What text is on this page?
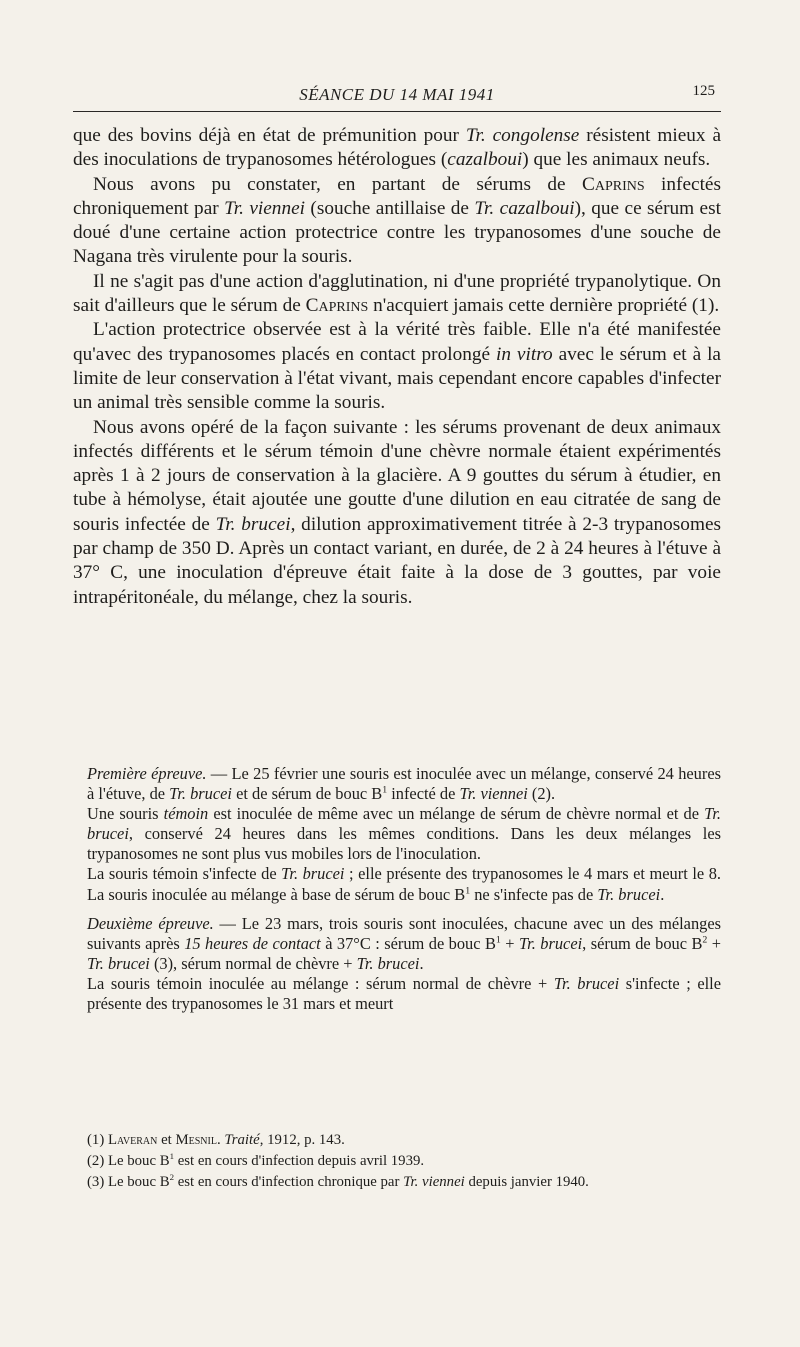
SÉANCE DU 14 MAI 1941	125

que des bovins déjà en état de prémunition pour Tr. congolense résistent mieux à des inoculations de trypanosomes hétérologues (cazalboui) que les animaux neufs.

Nous avons pu constater, en partant de sérums de Caprins infectés chroniquement par Tr. viennei (souche antillaise de Tr. cazalboui), que ce sérum est doué d'une certaine action protectrice contre les trypanosomes d'une souche de Nagana très virulente pour la souris.

Il ne s'agit pas d'une action d'agglutination, ni d'une propriété trypanolytique. On sait d'ailleurs que le sérum de Caprins n'acquiert jamais cette dernière propriété (1).

L'action protectrice observée est à la vérité très faible. Elle n'a été manifestée qu'avec des trypanosomes placés en contact prolongé in vitro avec le sérum et à la limite de leur conservation à l'état vivant, mais cependant encore capables d'infecter un animal très sensible comme la souris.

Nous avons opéré de la façon suivante : les sérums provenant de deux animaux infectés différents et le sérum témoin d'une chèvre normale étaient expérimentés après 1 à 2 jours de conservation à la glacière. A 9 gouttes du sérum à étudier, en tube à hémolyse, était ajoutée une goutte d'une dilution en eau citratée de sang de souris infectée de Tr. brucei, dilution approximativement titrée à 2-3 trypanosomes par champ de 350 D. Après un contact variant, en durée, de 2 à 24 heures à l'étuve à 37° C, une inoculation d'épreuve était faite à la dose de 3 gouttes, par voie intrapéritonéale, du mélange, chez la souris.

Première épreuve. — Le 25 février une souris est inoculée avec un mélange, conservé 24 heures à l'étuve, de Tr. brucei et de sérum de bouc $B^1$ infecté de Tr. viennei (2).

Une souris témoin est inoculée de même avec un mélange de sérum de chèvre normal et de Tr. brucei, conservé 24 heures dans les mêmes conditions. Dans les deux mélanges les trypanosomes ne sont plus vus mobiles lors de l'inoculation.

La souris témoin s'infecte de Tr. brucei ; elle présente des trypanosomes le 4 mars et meurt le 8. La souris inoculée au mélange à base de sérum de bouc $B^1$ ne s'infecte pas de Tr. brucei.

Deuxième épreuve. — Le 23 mars, trois souris sont inoculées, chacune avec un des mélanges suivants après 15 heures de contact à 37°C : sérum de bouc $B^1 + Tr$. brucei, sérum de bouc $B^2 + Tr$. brucei (3), sérum normal de chèvre + Tr. brucei.

La souris témoin inoculée au mélange : sérum normal de chèvre + Tr. brucei s'infecte ; elle présente des trypanosomes le 31 mars et meurt

(1) Laveran et Mesnil. Traité, 1912, p. 143.

(2) Le bouc $B^1$ est en cours d'infection depuis avril 1939.

(3) Le bouc $B^2$ est en cours d'infection chronique par Tr. viennei depuis janvier 1940.
